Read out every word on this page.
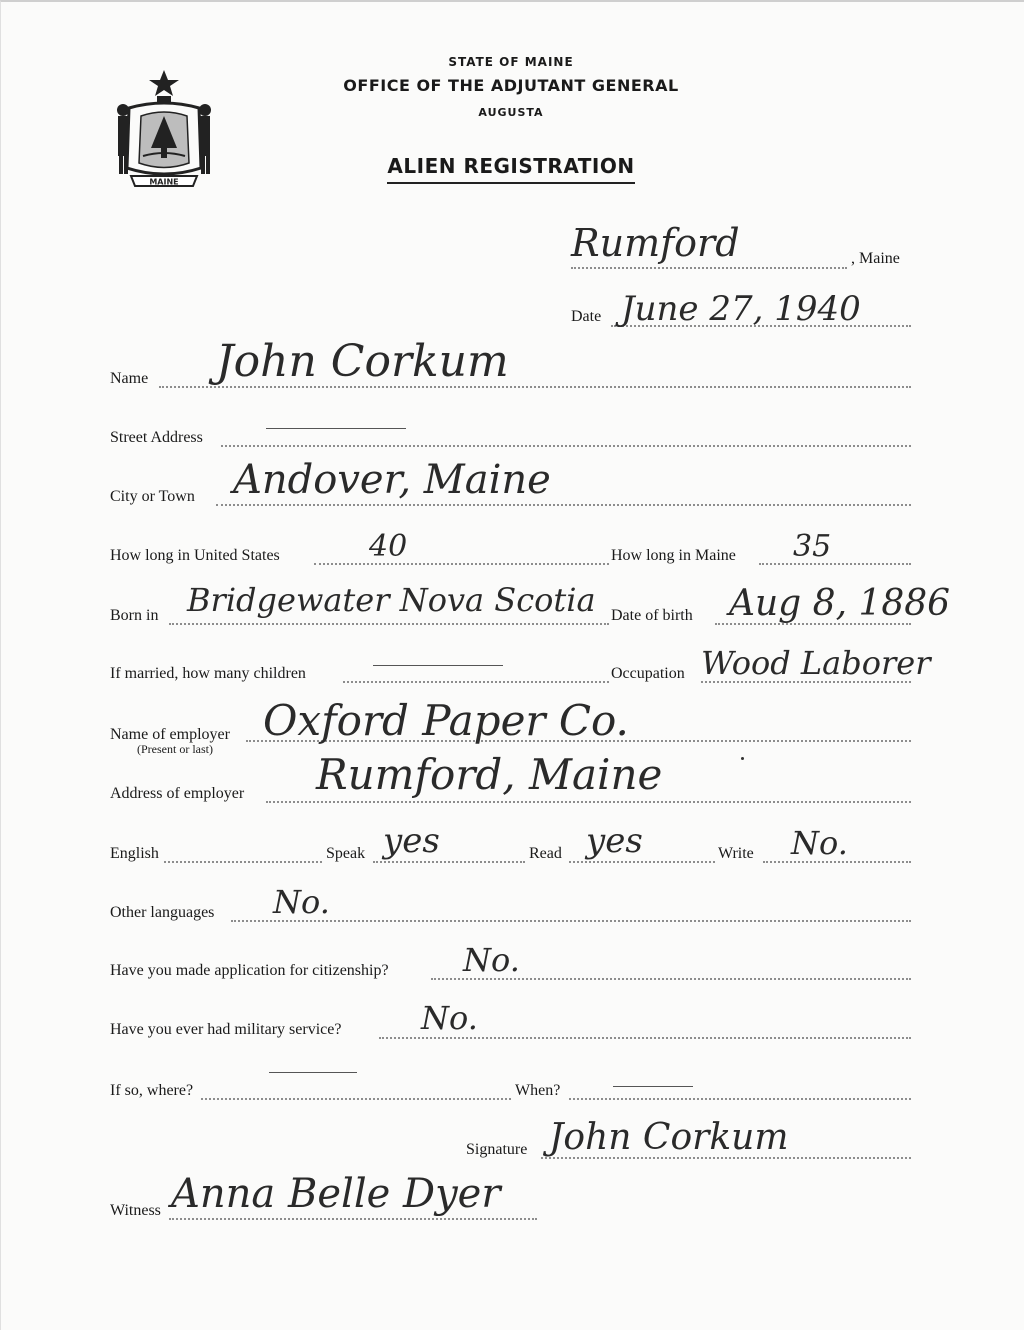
MAINE
STATE OF MAINE
OFFICE OF THE ADJUTANT GENERAL
AUGUSTA
ALIEN REGISTRATION
Rumford	, Maine
Date June 27, 1940
Name John Corkum
Street Address
City or Town Andover, Maine
How long in United States	40	How long in Maine 35
Born in Bridgewater Nova Scotia Date of birth Aug 8, 1886
If married, how many children	Occupation Wood Laborer
Name of employer
(Present or last)
Oxford Paper Co.
Address of employer Rumford, Maine
English	Speak yes	Read yes	Write No.
Other languages No.
Have you made application for citizenship? No.
Have you ever had military service? No.
If so, where?	When?
Signature John Corkum
Witness Anna Belle Dyer
